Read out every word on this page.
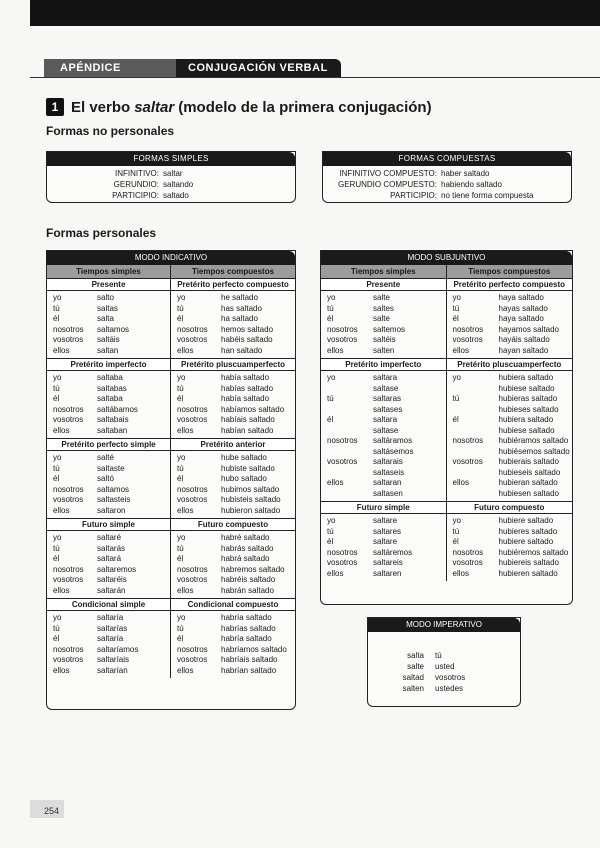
APÉNDICE	CONJUGACIÓN VERBAL
1 El verbo saltar (modelo de la primera conjugación)
Formas no personales
FORMAS SIMPLES
INFINITIVO: saltar
GERUNDIO: saltando
PARTICIPIO: saltado
FORMAS COMPUESTAS
INFINITIVO COMPUESTO: haber saltado
GERUNDIO COMPUESTO: habiendo saltado
PARTICIPIO: no tiene forma compuesta
Formas personales
MODO INDICATIVO
Tiempos simples	Tiempos compuestos
Presente
yo	salto
tú	saltas
él	salta
nosotros	saltamos
vosotros	saltáis
ellos	saltan
Pretérito perfecto compuesto
yo	he saltado
tú	has saltado
él	ha saltado
nosotros	hemos saltado
vosotros	habéis saltado
ellos	han saltado
Pretérito imperfecto
yo	saltaba
tú	saltabas
él	saltaba
nosotros	saltábamos
vosotros	saltabais
ellos	saltaban
Pretérito pluscuamperfecto
yo	había saltado
tú	habías saltado
él	había saltado
nosotros	habíamos saltado
vosotros	habíais saltado
ellos	habían saltado
Pretérito perfecto simple
yo	salté
tú	saltaste
él	saltó
nosotros	saltamos
vosotros	saltasteis
ellos	saltaron
Pretérito anterior
yo	hube saltado
tú	hubiste saltado
él	hubo saltado
nosotros	hubimos saltado
vosotros	hubisteis saltado
ellos	hubieron saltado
Futuro simple
yo	saltaré
tú	saltarás
él	saltará
nosotros	saltaremos
vosotros	saltaréis
ellos	saltarán
Futuro compuesto
yo	habré saltado
tú	habrás saltado
él	habrá saltado
nosotros	habremos saltado
vosotros	habréis saltado
ellos	habrán saltado
Condicional simple
yo	saltaría
tú	saltarías
él	saltaría
nosotros	saltaríamos
vosotros	saltaríais
ellos	saltarían
Condicional compuesto
yo	habría saltado
tú	habrías saltado
él	habría saltado
nosotros	habríamos saltado
vosotros	habríais saltado
ellos	habrían saltado
MODO SUBJUNTIVO
Tiempos simples	Tiempos compuestos
Presente
yo	salte
tú	saltes
él	salte
nosotros	saltemos
vosotros	saltéis
ellos	salten
Pretérito perfecto compuesto
yo	haya saltado
tú	hayas saltado
él	haya saltado
nosotros	hayamos saltado
vosotros	hayáis saltado
ellos	hayan saltado
Pretérito imperfecto
yo	saltara
saltase
tú	saltaras
saltases
él	saltara
saltase
nosotros	saltáramos
saltásemos
vosotros	saltarais
saltaseis
ellos	saltaran
saltasen
Pretérito pluscuamperfecto
yo	hubiera saltado
hubiese saltado
tú	hubieras saltado
hubieses saltado
él	hubiera saltado
hubiese saltado
nosotros	hubiéramos saltado
hubiésemos saltado
vosotros	hubierais saltado
hubieseis saltado
ellos	hubieran saltado
hubiesen saltado
Futuro simple
yo	saltare
tú	saltares
él	saltare
nosotros	saltáremos
vosotros	saltareis
ellos	saltaren
Futuro compuesto
yo	hubiere saltado
tú	hubieres saltado
él	hubiere saltado
nosotros	hubiéremos saltado
vosotros	hubiereis saltado
ellos	hubieren saltado
MODO IMPERATIVO
salta	tú
salte	usted
saltad	vosotros
salten	ustedes
254
